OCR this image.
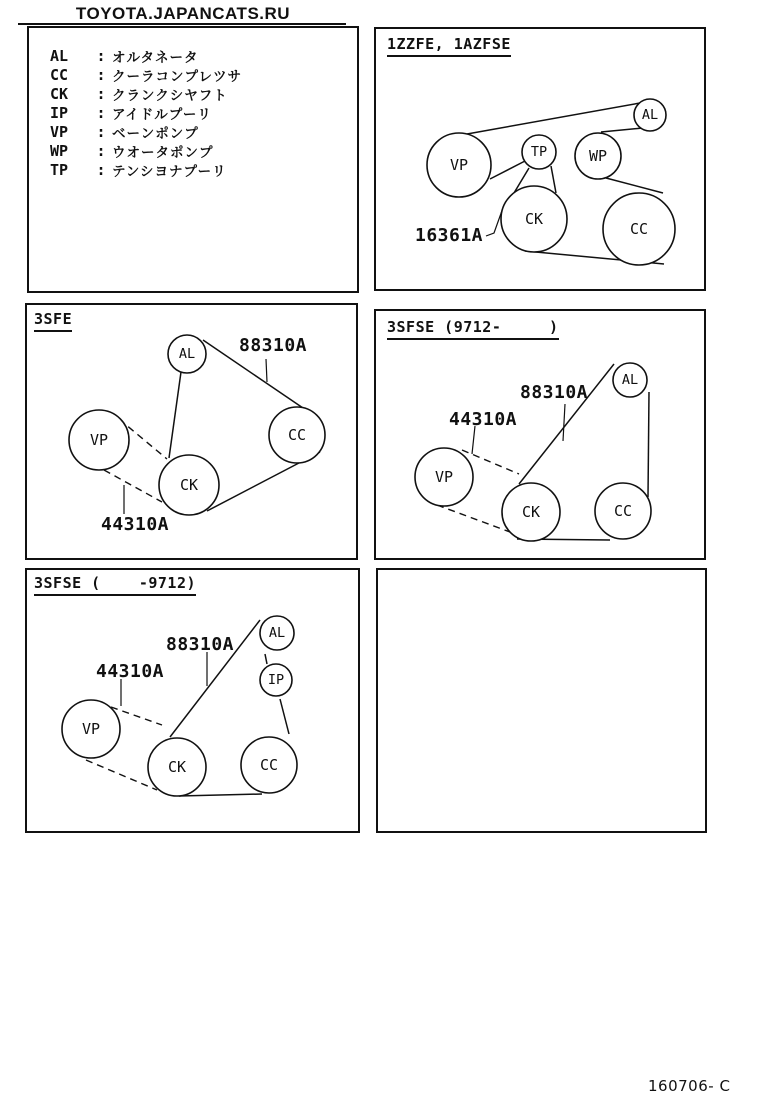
TOYOTA.JAPANCATS.RU
AL	: オルタネータ
CC	: クーラコンプレツサ
CK	: クランクシヤフト
IP	: アイドルプーリ
VP	: ベーンポンプ
WP	: ウオータポンプ
TP	: テンシヨナプーリ
1ZZFE, 1AZFSE
VP
TP	WP
AL
CK
CC
16361A
3SFE
AL
VP
CK
CC
88310A
44310A
3SFSE (9712-     )
AL
VP
CK	CC
88310A
44310A
3SFSE (    -9712)
AL
IP
VP
CK	CC
88310A
44310A
160706- C
